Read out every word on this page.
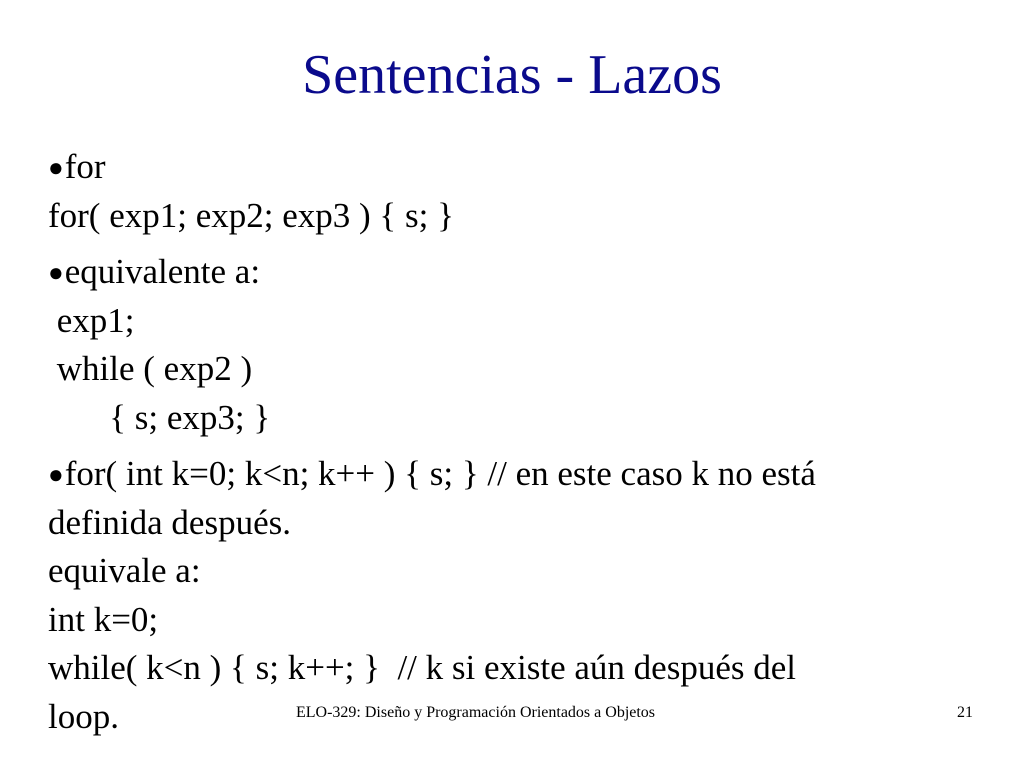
Sentencias - Lazos
●for
for( exp1; exp2; exp3 ) { s; }
●equivalente a:
exp1;
while ( exp2 )
{ s; exp3; }
●for( int k=0; k<n; k++ ) { s; } // en este caso k no está
definida después.
equivale a:
int k=0;
while( k<n ) { s; k++; }  // k si existe aún después del
loop.	ELO-329: Diseño y Programación Orientados a Objetos	21
